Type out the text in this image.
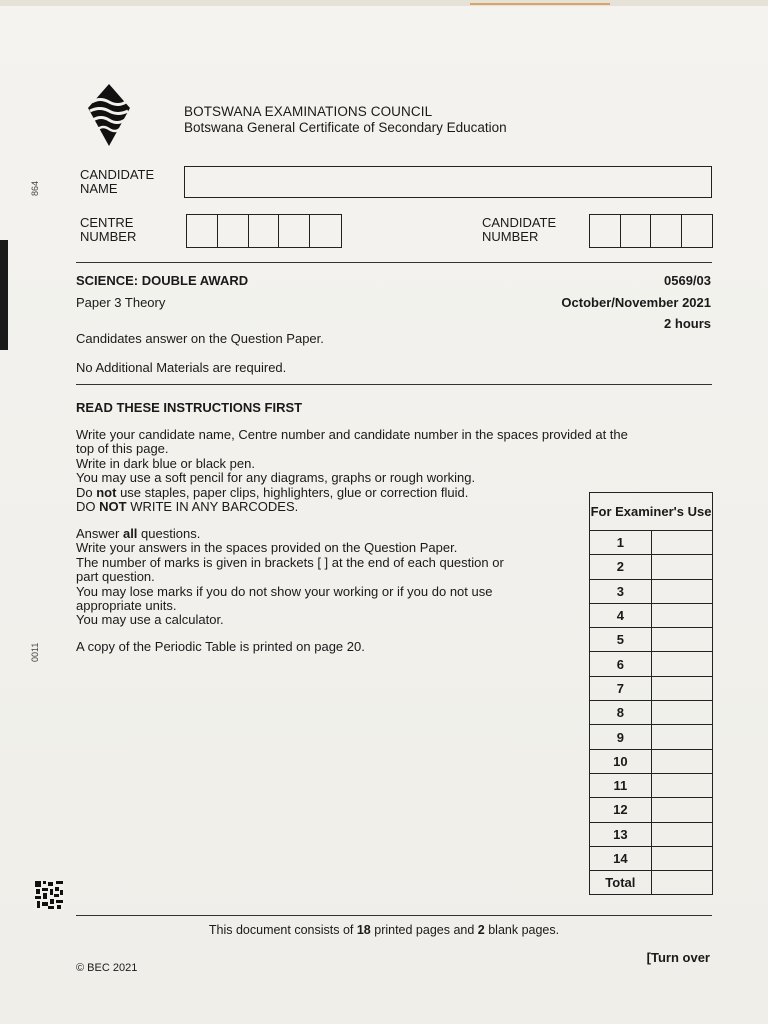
864
0011
BOTSWANA EXAMINATIONS COUNCIL
Botswana General Certificate of Secondary Education
CANDIDATE
NAME
CENTRE
NUMBER
CANDIDATE
NUMBER
SCIENCE: DOUBLE AWARD	0569/03
Paper 3 Theory	October/November 2021
2 hours
Candidates answer on the Question Paper.
No Additional Materials are required.
READ THESE INSTRUCTIONS FIRST
Write your candidate name, Centre number and candidate number in the spaces provided at the
top of this page.
Write in dark blue or black pen.
You may use a soft pencil for any diagrams, graphs or rough working.
Do not use staples, paper clips, highlighters, glue or correction fluid.
DO NOT WRITE IN ANY BARCODES.
Answer all questions.
Write your answers in the spaces provided on the Question Paper.
The number of marks is given in brackets [ ] at the end of each question or
part question.
You may lose marks if you do not show your working or if you do not use
appropriate units.
You may use a calculator.
A copy of the Periodic Table is printed on page 20.
For Examiner's Use	
1	
2	
3	
4	
5	
6	
7	
8	
9	
10	
11	
12	
13	
14	
Total	
This document consists of 18 printed pages and 2 blank pages.
[Turn over
© BEC 2021
